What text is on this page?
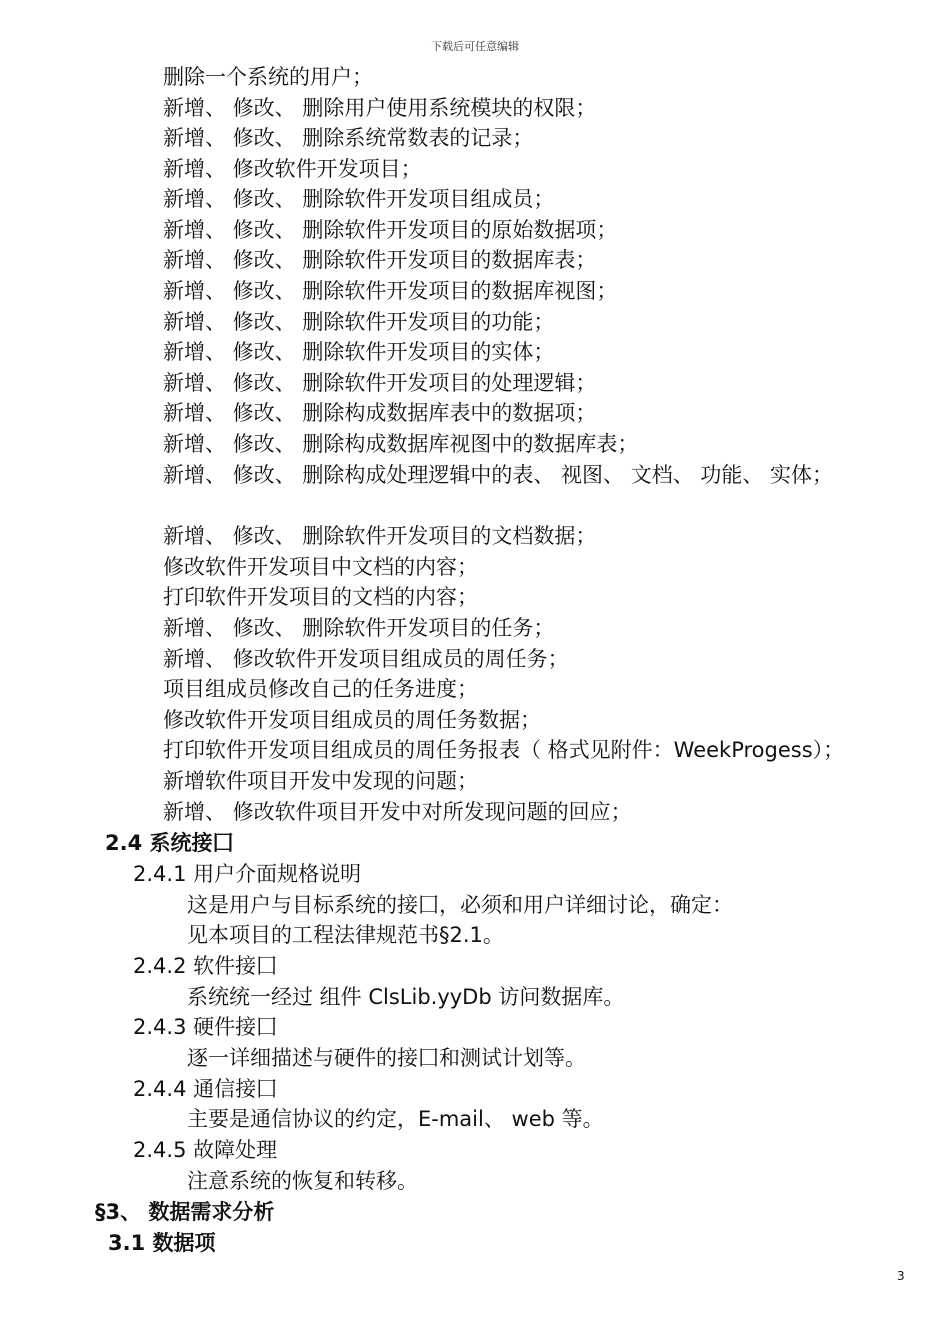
下载后可任意编辑
删除一个系统的用户；
新增、 修改、 删除用户使用系统模块的权限；
新增、 修改、 删除系统常数表的记录；
新增、 修改软件开发项目；
新增、 修改、 删除软件开发项目组成员；
新增、 修改、 删除软件开发项目的原始数据项；
新增、 修改、 删除软件开发项目的数据库表；
新增、 修改、 删除软件开发项目的数据库视图；
新增、 修改、 删除软件开发项目的功能；
新增、 修改、 删除软件开发项目的实体；
新增、 修改、 删除软件开发项目的处理逻辑；
新增、 修改、 删除构成数据库表中的数据项；
新增、 修改、 删除构成数据库视图中的数据库表；
新增、 修改、 删除构成处理逻辑中的表、 视图、 文档、 功能、 实体；
新增、 修改、 删除软件开发项目的文档数据；
修改软件开发项目中文档的内容；
打印软件开发项目的文档的内容；
新增、 修改、 删除软件开发项目的任务；
新增、 修改软件开发项目组成员的周任务；
项目组成员修改自己的任务进度；
修改软件开发项目组成员的周任务数据；
打印软件开发项目组成员的周任务报表（ 格式见附件：WeekProgess）；
新增软件项目开发中发现的问题；
新增、 修改软件项目开发中对所发现问题的回应；
2.4 系统接囗
2.4.1 用户介面规格说明
这是用户与目标系统的接囗，必须和用户详细讨论，确定：
见本项目的工程法律规范书§2.1。
2.4.2 软件接囗
系统统一经过 组件 ClsLib.yyDb 访问数据库。
2.4.3 硬件接囗
逐一详细描述与硬件的接囗和测试计划等。
2.4.4 通信接囗
主要是通信协议的约定，E-mail、 web 等。
2.4.5 故障处理
注意系统的恢复和转移。
§3、 数据需求分析
3.1 数据项
3
